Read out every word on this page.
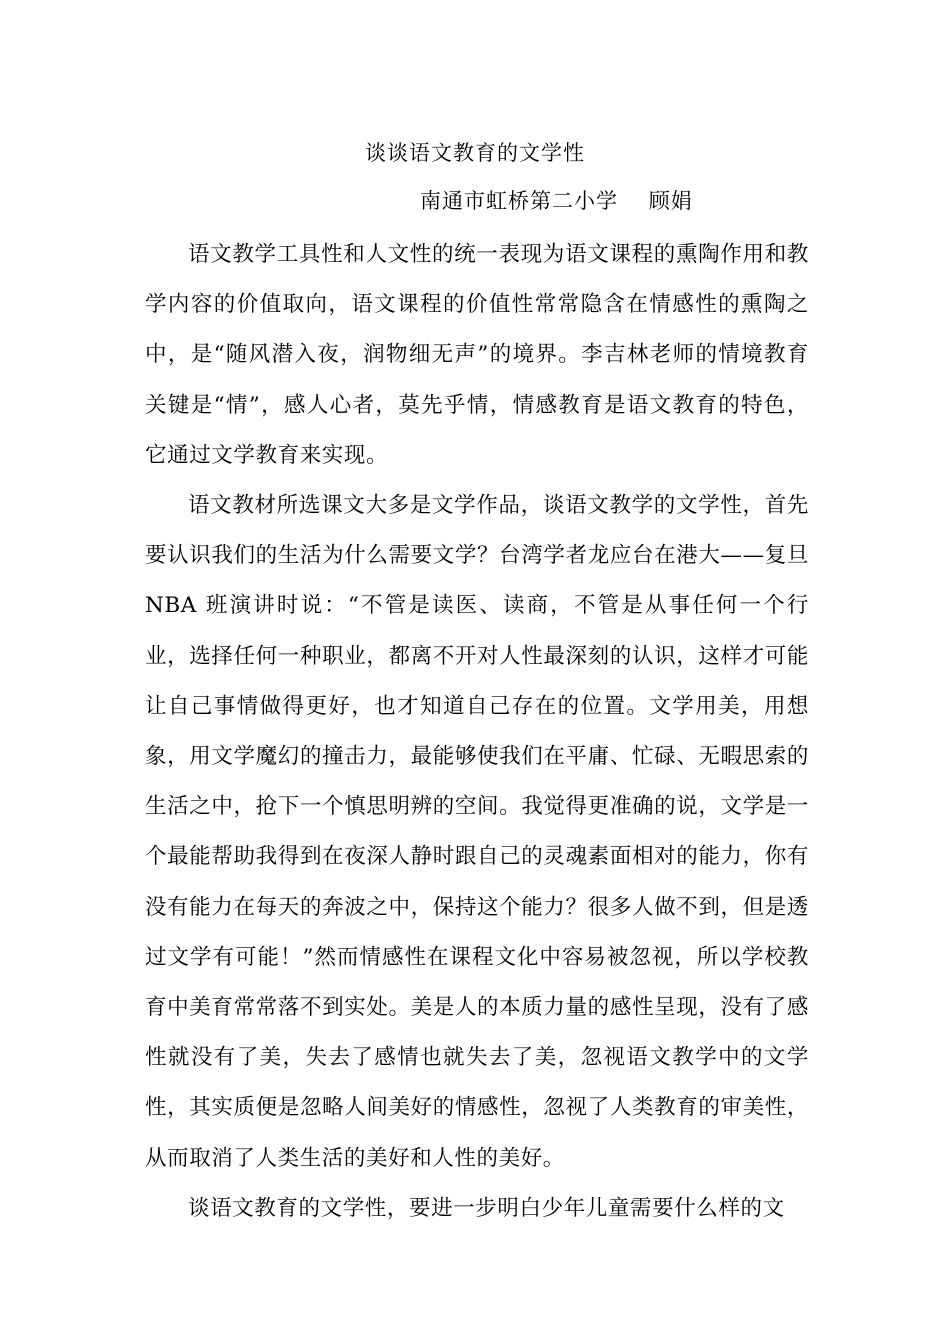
谈谈语文教育的文学性
南通市虹桥第二小学    顾娟

语文教学工具性和人文性的统一表现为语文课程的熏陶作用和教学内容的价值取向，语文课程的价值性常常隐含在情感性的熏陶之中，是“随风潜入夜，润物细无声”的境界。李吉林老师的情境教育关键是“情”，感人心者，莫先乎情，情感教育是语文教育的特色，它通过文学教育来实现。

语文教材所选课文大多是文学作品，谈语文教学的文学性，首先要认识我们的生活为什么需要文学？台湾学者龙应台在港大——复旦 NBA 班演讲时说：“不管是读医、读商，不管是从事任何一个行业，选择任何一种职业，都离不开对人性最深刻的认识，这样才可能让自己事情做得更好，也才知道自己存在的位置。文学用美，用想象，用文学魔幻的撞击力，最能够使我们在平庸、忙碌、无暇思索的生活之中，抢下一个慎思明辨的空间。我觉得更准确的说，文学是一个最能帮助我得到在夜深人静时跟自己的灵魂素面相对的能力，你有没有能力在每天的奔波之中，保持这个能力？很多人做不到，但是透过文学有可能！”然而情感性在课程文化中容易被忽视，所以学校教育中美育常常落不到实处。美是人的本质力量的感性呈现，没有了感性就没有了美，失去了感情也就失去了美，忽视语文教学中的文学性，其实质便是忽略人间美好的情感性，忽视了人类教育的审美性，从而取消了人类生活的美好和人性的美好。

谈语文教育的文学性，要进一步明白少年儿童需要什么样的文
